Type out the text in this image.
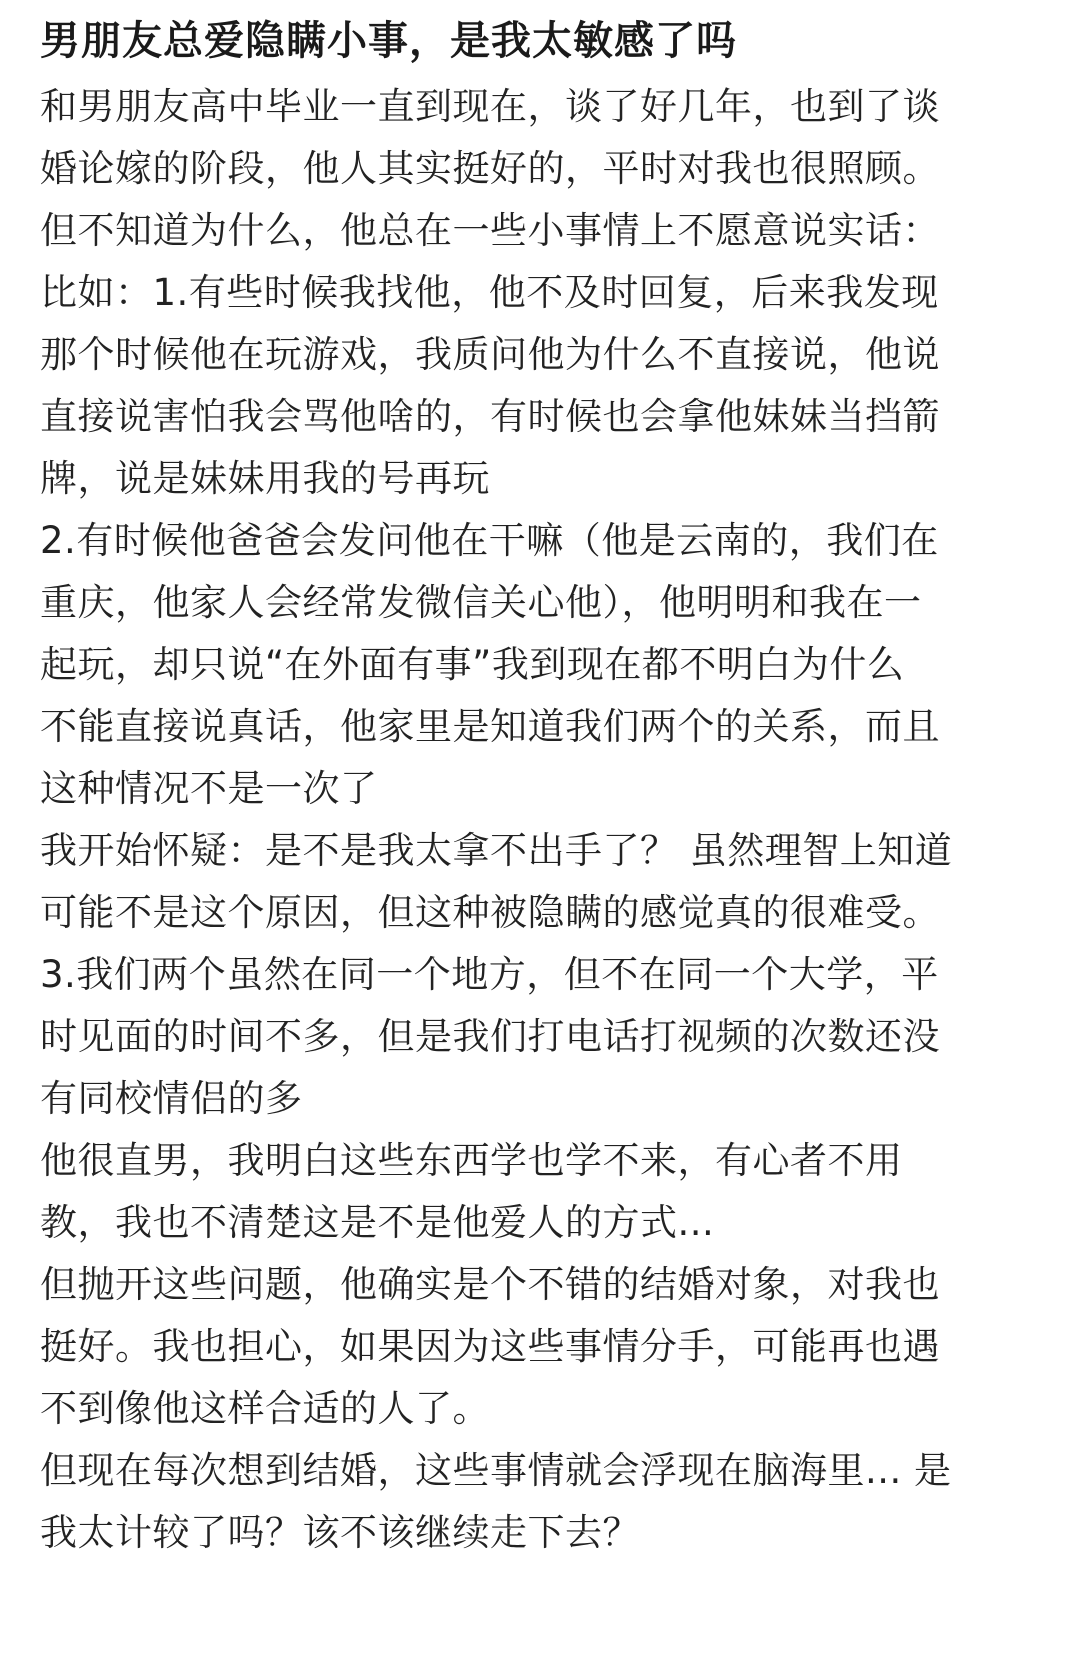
男朋友总爱隐瞒小事，是我太敏感了吗
和男朋友高中毕业一直到现在，谈了好几年，也到了谈
婚论嫁的阶段，他人其实挺好的，平时对我也很照顾。
但不知道为什么，他总在一些小事情上不愿意说实话：
比如：1.有些时候我找他，他不及时回复，后来我发现
那个时候他在玩游戏，我质问他为什么不直接说，他说
直接说害怕我会骂他啥的，有时候也会拿他妹妹当挡箭
牌，说是妹妹用我的号再玩
2.有时候他爸爸会发问他在干嘛（他是云南的，我们在
重庆，他家人会经常发微信关心他），他明明和我在一
起玩，却只说“在外面有事”我到现在都不明白为什么
不能直接说真话，他家里是知道我们两个的关系，而且
这种情况不是一次了
我开始怀疑：是不是我太拿不出手了？ 虽然理智上知道
可能不是这个原因，但这种被隐瞒的感觉真的很难受。
3.我们两个虽然在同一个地方，但不在同一个大学，平
时见面的时间不多，但是我们打电话打视频的次数还没
有同校情侣的多
他很直男，我明白这些东西学也学不来，有心者不用
教，我也不清楚这是不是他爱人的方式...
但抛开这些问题，他确实是个不错的结婚对象，对我也
挺好。我也担心，如果因为这些事情分手，可能再也遇
不到像他这样合适的人了。
但现在每次想到结婚，这些事情就会浮现在脑海里... 是
我太计较了吗？该不该继续走下去？
